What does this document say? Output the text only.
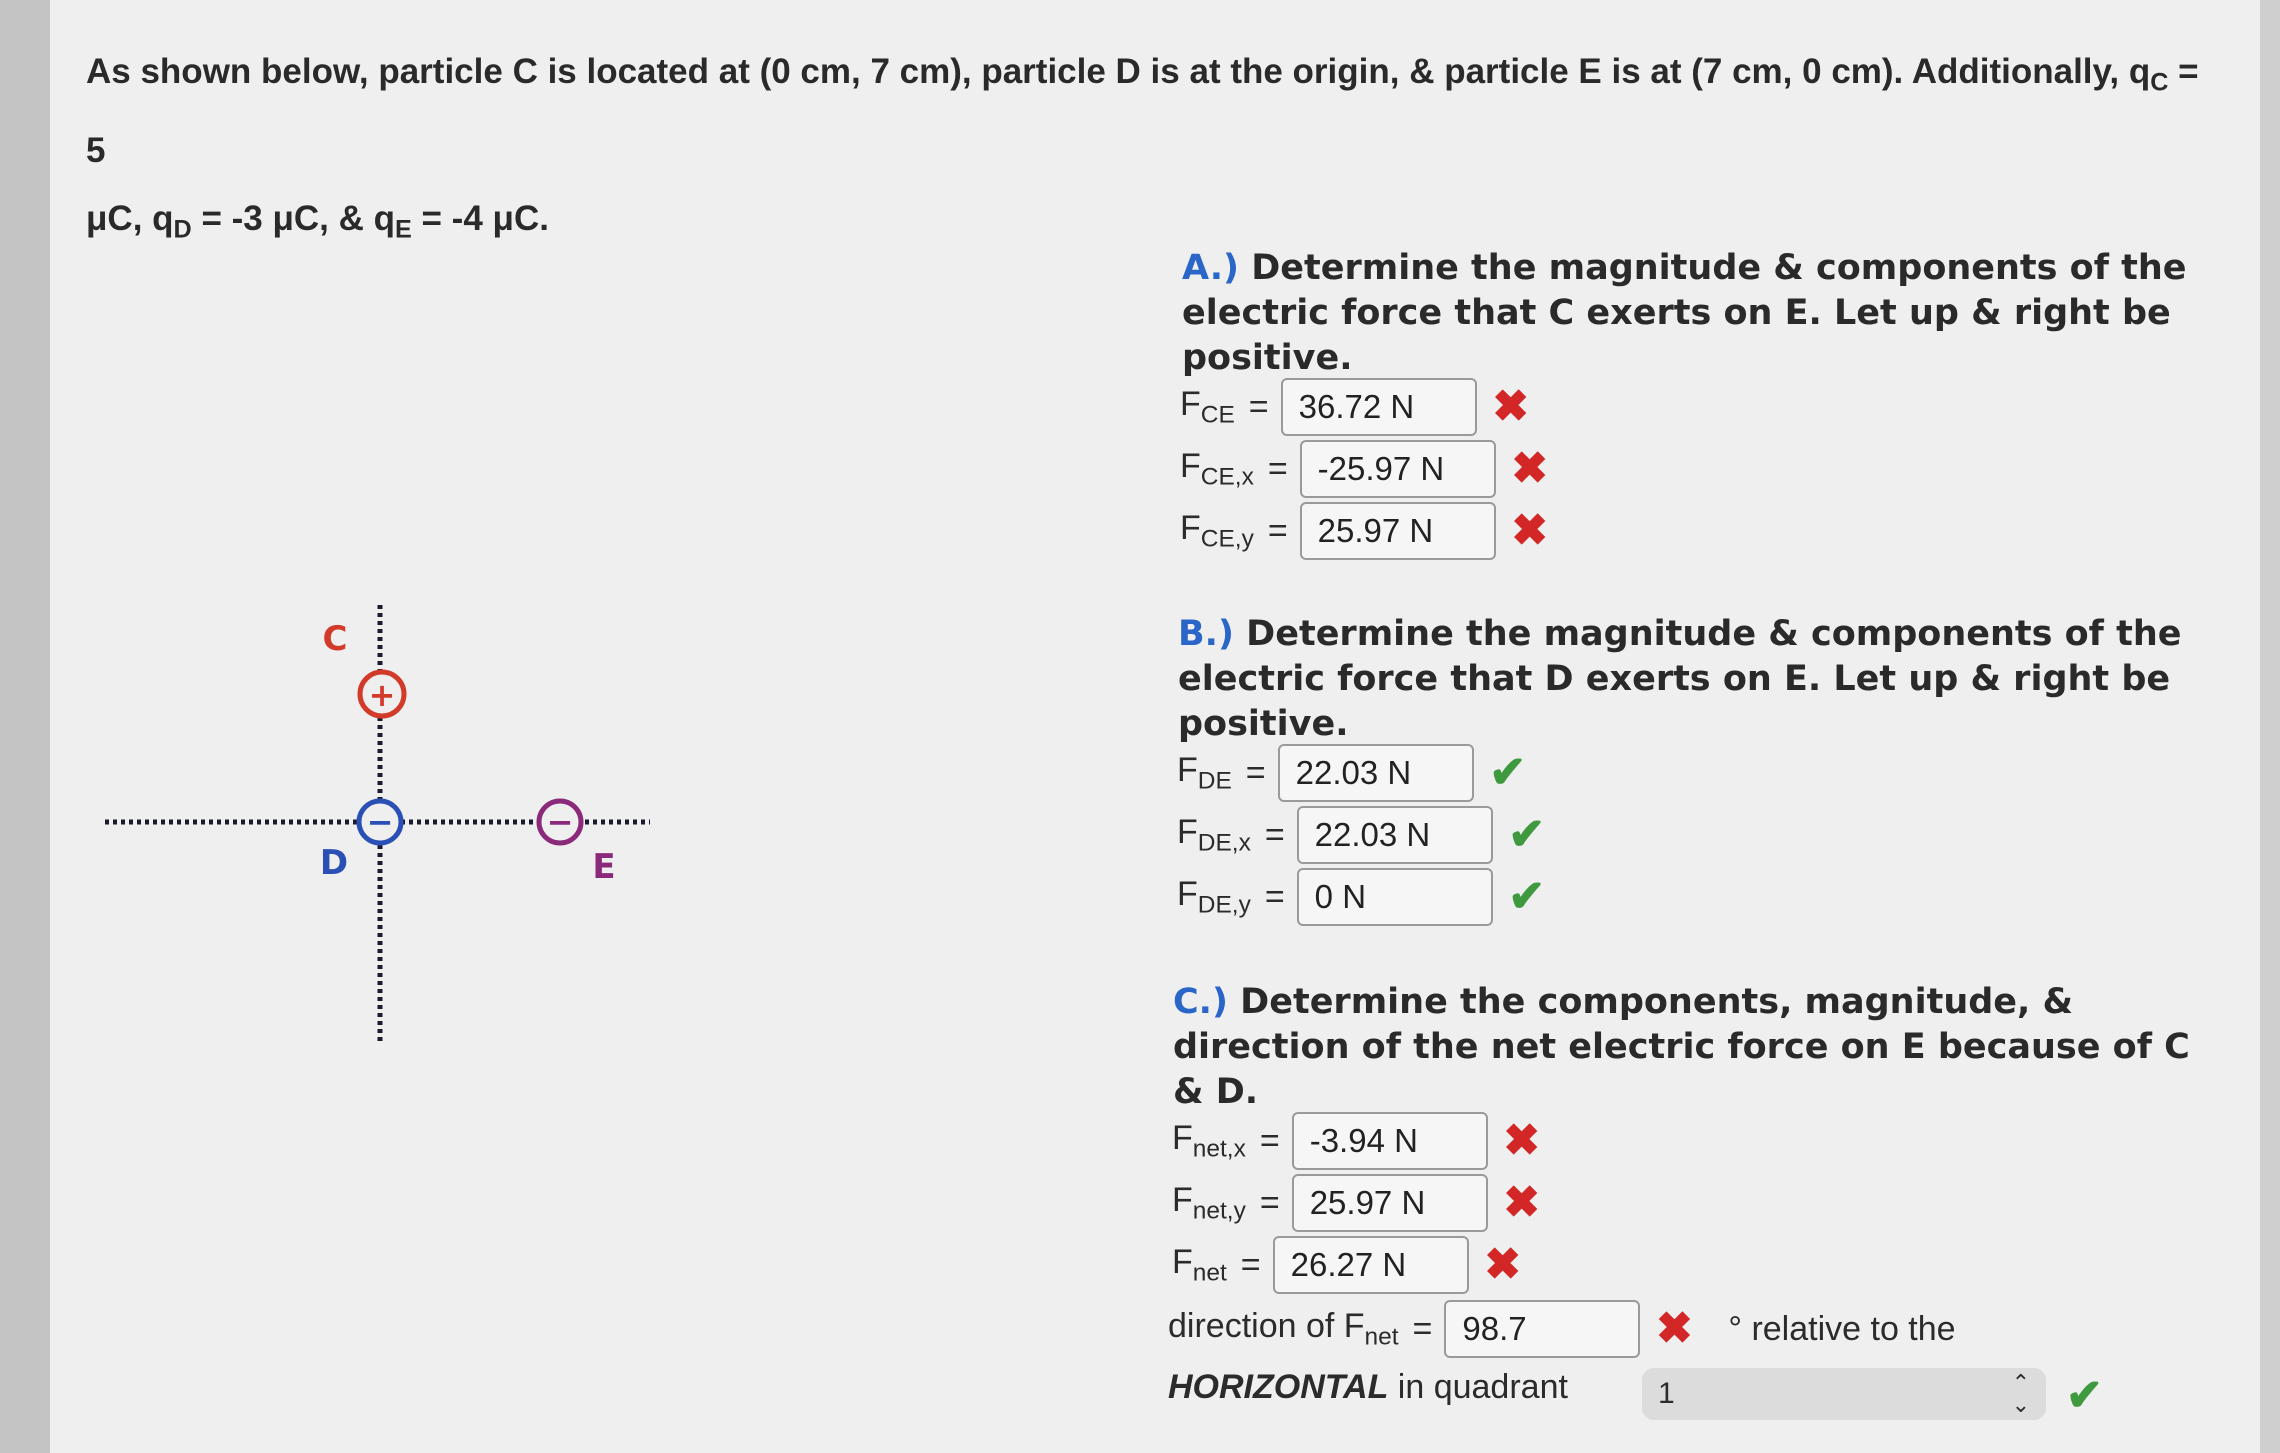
As shown below, particle C is located at (0 cm, 7 cm), particle D is at the origin, & particle E is at (7 cm, 0 cm). Additionally, $q_C = 5$
μC, $q_D = -3$ μC, & $q_E = -4$ μC.
+
C
−
D
−
E
A.) Determine the magnitude & components of the electric force that C exerts on E. Let up & right be positive.
$F_{CE} = 36.72$ N	✖
$F_{CE,x} = -25.97$ N	✖
$F_{CE,y} = 25.97$ N	✖
B.) Determine the magnitude & components of the electric force that D exerts on E. Let up & right be positive.
$F_{DE} = 22.03$ N	✔
$F_{DE,x} = 22.03$ N	✔
$F_{DE,y} = 0$ N	✔
C.) Determine the components, magnitude, & direction of the net electric force on E because of C & D.
$F_{net,x} = -3.94$ N	✖
$F_{net,y} = 25.97$ N	✖
$F_{net} = 26.27$ N	✖
direction of $F_{net} = 98.7$	✖ ° relative to the
HORIZONTAL in quadrant	1	⌃
⌄ ✔
